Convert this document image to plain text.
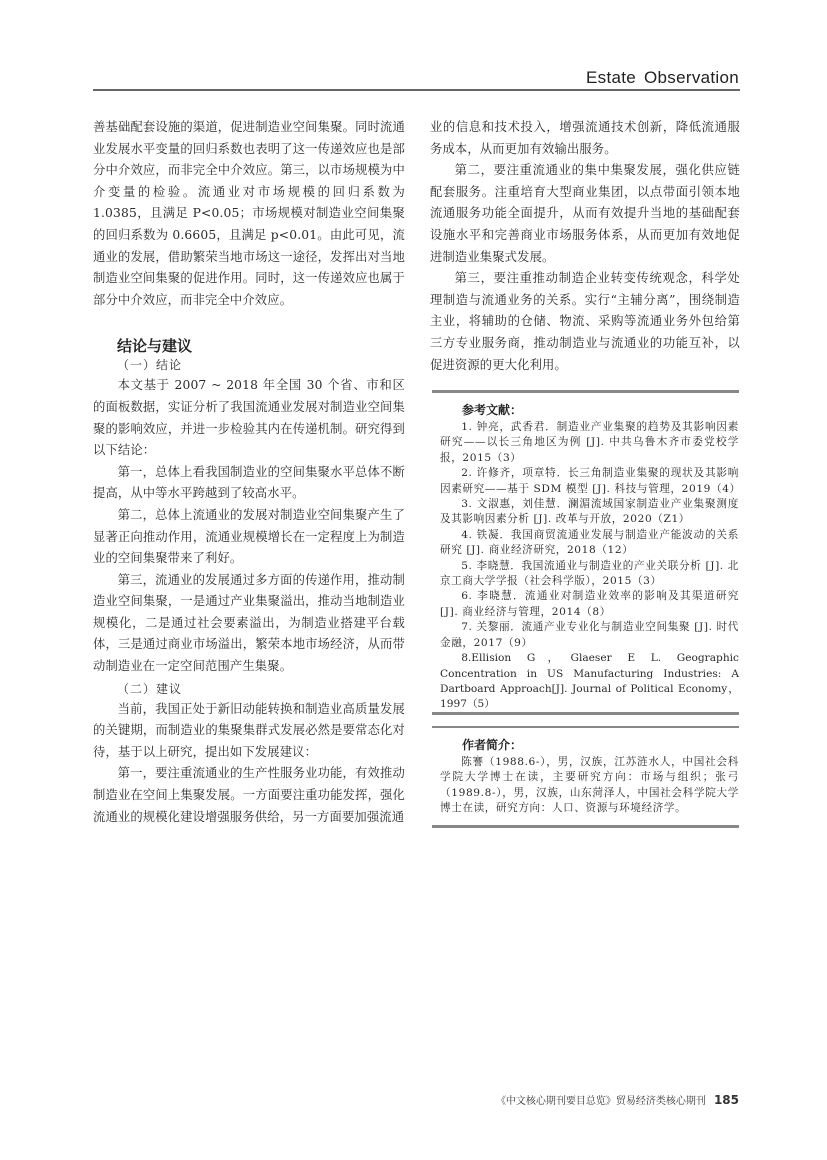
Estate Observation

善基础配套设施的渠道，促进制造业空间集聚。同时流通业发展水平变量的回归系数也表明了这一传递效应也是部分中介效应，而非完全中介效应。第三，以市场规模为中介变量的检验。流通业对市场规模的回归系数为 1.0385，且满足 P<0.05；市场规模对制造业空间集聚的回归系数为 0.6605，且满足 p<0.01。由此可见，流通业的发展，借助繁荣当地市场这一途径，发挥出对当地制造业空间集聚的促进作用。同时，这一传递效应也属于部分中介效应，而非完全中介效应。

结论与建议
（一）结论

本文基于 2007 ~ 2018 年全国 30 个省、市和区的面板数据，实证分析了我国流通业发展对制造业空间集聚的影响效应，并进一步检验其内在传递机制。研究得到以下结论：

第一，总体上看我国制造业的空间集聚水平总体不断提高，从中等水平跨越到了较高水平。

第二，总体上流通业的发展对制造业空间集聚产生了显著正向推动作用，流通业规模增长在一定程度上为制造业的空间集聚带来了利好。

第三，流通业的发展通过多方面的传递作用，推动制造业空间集聚，一是通过产业集聚溢出，推动当地制造业规模化，二是通过社会要素溢出，为制造业搭建平台载体，三是通过商业市场溢出，繁荣本地市场经济，从而带动制造业在一定空间范围产生集聚。

（二）建议

当前，我国正处于新旧动能转换和制造业高质量发展的关键期，而制造业的集聚集群式发展必然是要常态化对待，基于以上研究，提出如下发展建议：

第一，要注重流通业的生产性服务业功能，有效推动制造业在空间上集聚发展。一方面要注重功能发挥，强化流通业的规模化建设增强服务供给，另一方面要加强流通

业的信息和技术投入，增强流通技术创新，降低流通服务成本，从而更加有效输出服务。

第二，要注重流通业的集中集聚发展，强化供应链配套服务。注重培育大型商业集团，以点带面引领本地流通服务功能全面提升，从而有效提升当地的基础配套设施水平和完善商业市场服务体系，从而更加有效地促进制造业集聚式发展。

第三，要注重推动制造企业转变传统观念，科学处理制造与流通业务的关系。实行“主辅分离”，围绕制造主业，将辅助的仓储、物流、采购等流通业务外包给第三方专业服务商，推动制造业与流通业的功能互补，以促进资源的更大化利用。

参考文献：

1. 钟亮，武香君．制造业产业集聚的趋势及其影响因素研究——以长三角地区为例 [J]. 中共乌鲁木齐市委党校学报，2015（3）

2. 许修齐，项章特．长三角制造业集聚的现状及其影响因素研究——基于 SDM 模型 [J]. 科技与管理，2019（4）

3. 文淑惠，刘佳慧．澜湄流域国家制造业产业集聚测度及其影响因素分析 [J]. 改革与开放，2020（Z1）

4. 铁凝．我国商贸流通业发展与制造业产能波动的关系研究 [J]. 商业经济研究，2018（12）

5. 李晓慧．我国流通业与制造业的产业关联分析 [J]. 北京工商大学学报（社会科学版），2015（3）

6. 李晓慧．流通业对制造业效率的影响及其渠道研究 [J]. 商业经济与管理，2014（8）

7. 关黎丽．流通产业专业化与制造业空间集聚 [J]. 时代金融，2017（9）

8.Ellision G，Glaeser E L. Geographic Concentration in US Manufacturing Industries: A Dartboard Approach[J]. Journal of Political Economy，1997（5）

作者简介：

陈謇（1988.6-），男，汉族，江苏涟水人，中国社会科学院大学博士在读，主要研究方向：市场与组织；张弓（1989.8-），男，汉族，山东菏泽人，中国社会科学院大学博士在读，研究方向：人口、资源与环境经济学。

《中文核心期刊要目总览》贸易经济类核心期刊 185
